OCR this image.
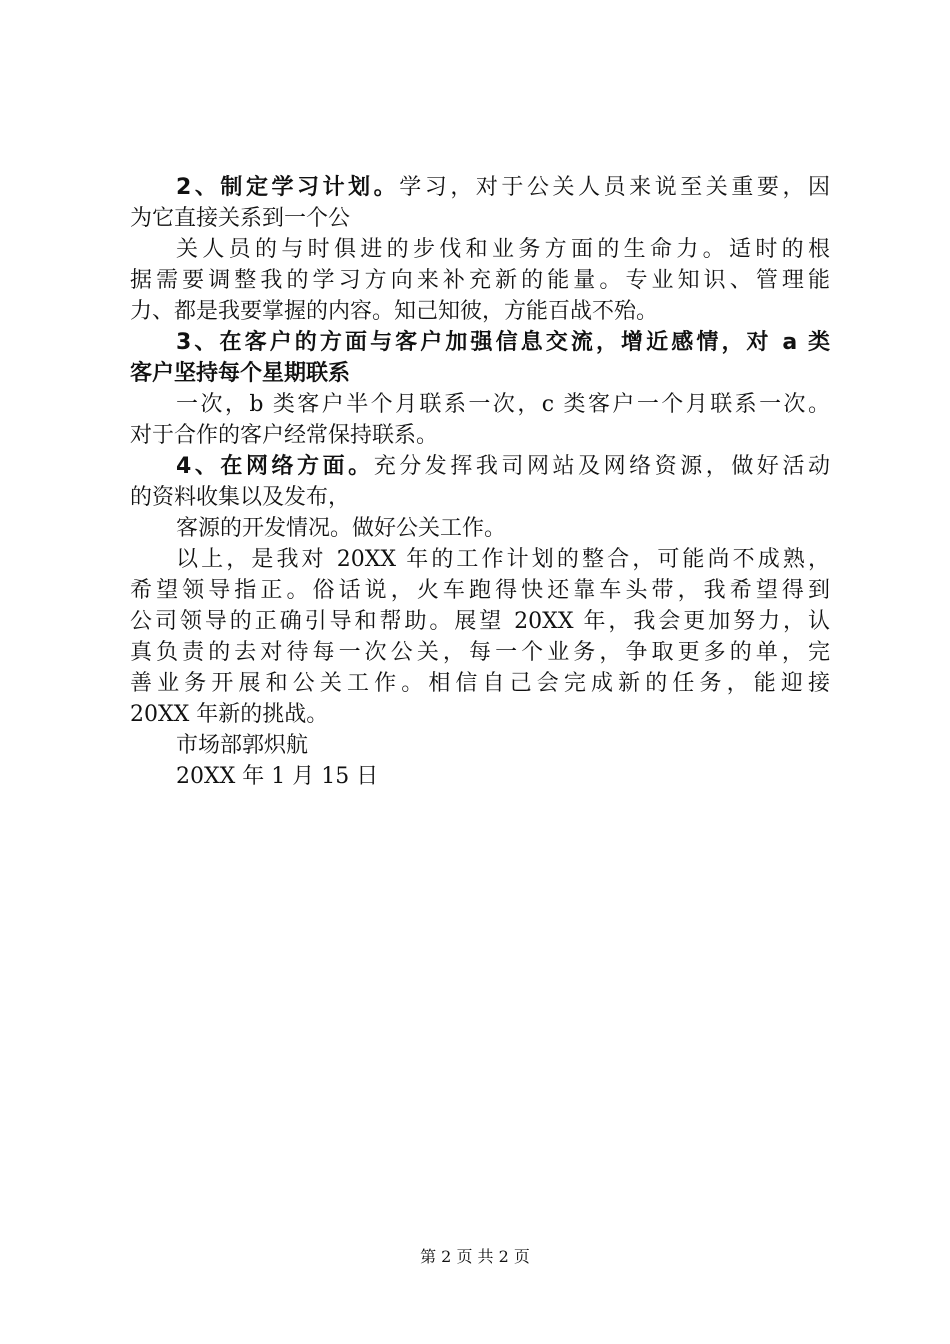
2、制定学习计划。学习，对于公关人员来说至关重要，因
为它直接关系到一个公
关人员的与时俱进的步伐和业务方面的生命力。适时的根
据需要调整我的学习方向来补充新的能量。专业知识、管理能
力、都是我要掌握的内容。知己知彼，方能百战不殆。
3、在客户的方面与客户加强信息交流，增近感情，对 a 类
客户坚持每个星期联系
一次，b 类客户半个月联系一次，c 类客户一个月联系一次。
对于合作的客户经常保持联系。
4、在网络方面。充分发挥我司网站及网络资源，做好活动
的资料收集以及发布，
客源的开发情况。做好公关工作。
以上，是我对 20XX 年的工作计划的整合，可能尚不成熟，
希望领导指正。俗话说，火车跑得快还靠车头带，我希望得到
公司领导的正确引导和帮助。展望 20XX 年，我会更加努力，认
真负责的去对待每一次公关，每一个业务，争取更多的单，完
善业务开展和公关工作。相信自己会完成新的任务，能迎接
20XX 年新的挑战。
市场部郭炽航
20XX 年 1 月 15 日
第 2 页 共 2 页
